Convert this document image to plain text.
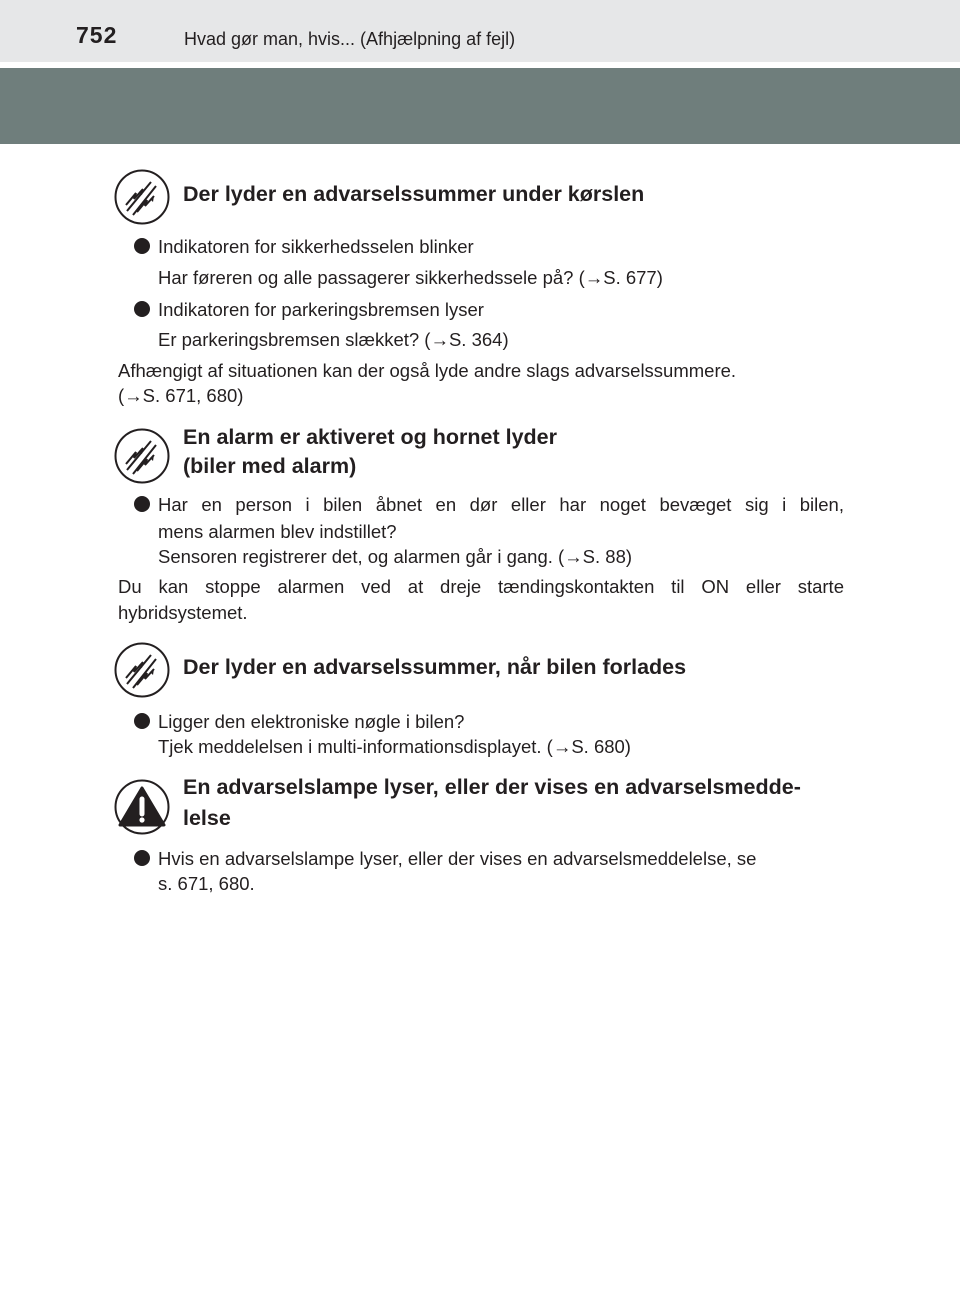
752	Hvad gør man, hvis... (Afhjælpning af fejl)
Der lyder en advarselssummer under kørslen
Indikatoren for sikkerhedsselen blinker
Har føreren og alle passagerer sikkerhedssele på? (→S. 677)
Indikatoren for parkeringsbremsen lyser
Er parkeringsbremsen slækket? (→S. 364)
Afhængigt af situationen kan der også lyde andre slags advarselssummere.
(→S. 671, 680)
En alarm er aktiveret og hornet lyder
(biler med alarm)
Har en person i bilen åbnet en dør eller har noget bevæget sig i bilen,
mens alarmen blev indstillet?
Sensoren registrerer det, og alarmen går i gang. (→S. 88)
Du kan stoppe alarmen ved at dreje tændingskontakten til ON eller starte
hybridsystemet.
Der lyder en advarselssummer, når bilen forlades
Ligger den elektroniske nøgle i bilen?
Tjek meddelelsen i multi-informationsdisplayet. (→S. 680)
En advarselslampe lyser, eller der vises en advarselsmedde-
lelse
Hvis en advarselslampe lyser, eller der vises en advarselsmeddelelse, se
s. 671, 680.
